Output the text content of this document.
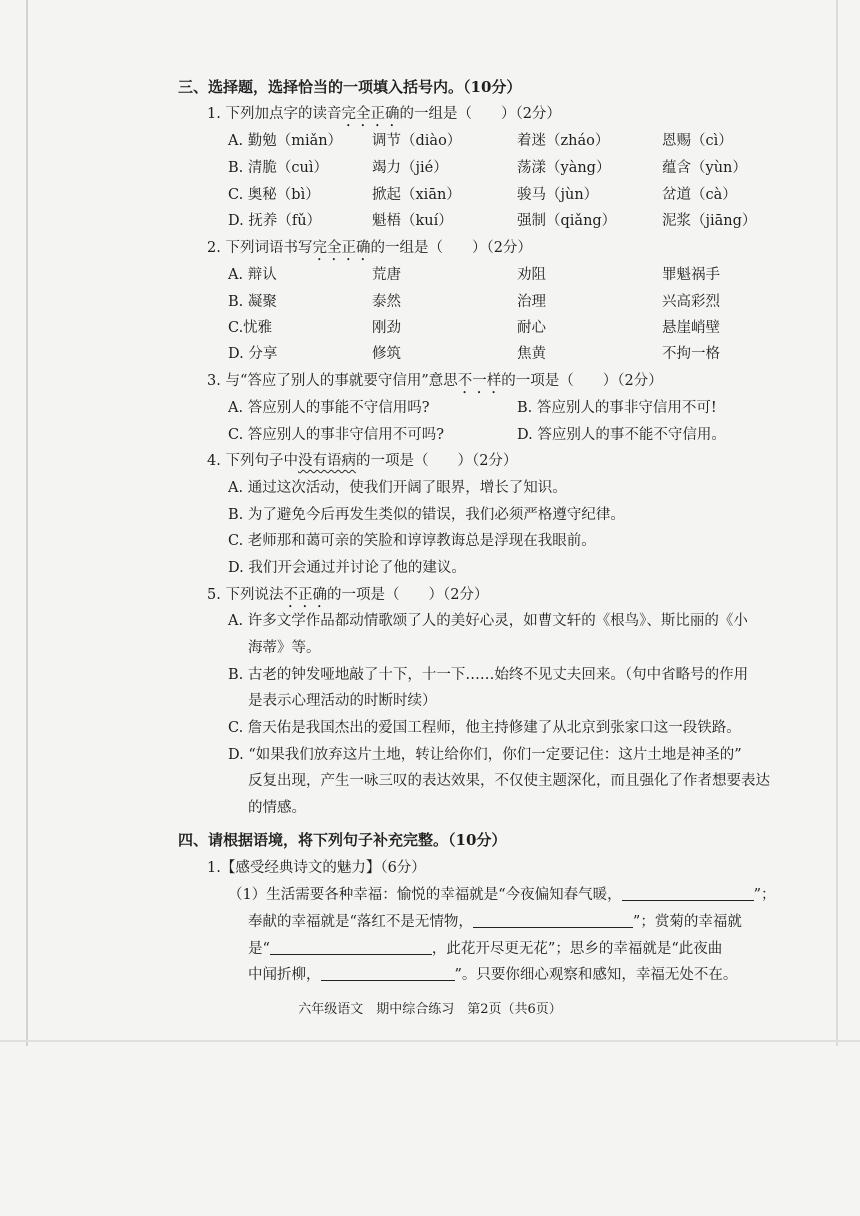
三、选择题，选择恰当的一项填入括号内。（10分）
1. 下列加点字的读音完全正确的一组是（　　）（2分）
A. 勤勉（miǎn） 调节（diào）	着迷（zháo）	恩赐（cì）
B. 清脆（cuì）	竭力（jié）	荡漾（yàng）	蕴含（yùn）
C. 奥秘（bì）	掀起（xiān）	骏马（jùn）	岔道（cà）
D. 抚养（fǔ）	魁梧（kuí）	强制（qiǎng）	泥浆（jiāng）
2. 下列词语书写完全正确的一组是（　　）（2分）
A. 辩认	荒唐	劝阻	罪魁祸手
B. 凝聚	泰然	治理	兴高彩烈
C.忧雅	刚劲	耐心	悬崖峭壁
D. 分享	修筑	焦黄	不拘一格
3. 与“答应了别人的事就要守信用”意思不一样的一项是（　　）（2分）
A. 答应别人的事能不守信用吗?	B. 答应别人的事非守信用不可!
C. 答应别人的事非守信用不可吗?	D. 答应别人的事不能不守信用。
4. 下列句子中没有语病的一项是（　　）（2分）
A. 通过这次活动，使我们开阔了眼界，增长了知识。
B. 为了避免今后再发生类似的错误，我们必须严格遵守纪律。
C. 老师那和蔼可亲的笑脸和谆谆教诲总是浮现在我眼前。
D. 我们开会通过并讨论了他的建议。
5. 下列说法不正确的一项是（　　）（2分）
A. 许多文学作品都动情歌颂了人的美好心灵，如曹文轩的《根鸟》、斯比丽的《小
海蒂》等。
B. 古老的钟发哑地敲了十下，十一下……始终不见丈夫回来。（句中省略号的作用
是表示心理活动的时断时续）
C. 詹天佑是我国杰出的爱国工程师，他主持修建了从北京到张家口这一段铁路。
D. “如果我们放弃这片土地，转让给你们，你们一定要记住：这片土地是神圣的”
反复出现，产生一咏三叹的表达效果，不仅使主题深化，而且强化了作者想要表达
的情感。
四、请根据语境，将下列句子补充完整。（10分）
1.【感受经典诗文的魅力】（6分）
（1）生活需要各种幸福：愉悦的幸福就是“今夜偏知春气暖，	”；
奉献的幸福就是“落红不是无情物，	”；赏菊的幸福就
是“	，此花开尽更无花”；思乡的幸福就是“此夜曲
中闻折柳，	”。只要你细心观察和感知，幸福无处不在。
六年级语文　期中综合练习　第2页（共6页）
